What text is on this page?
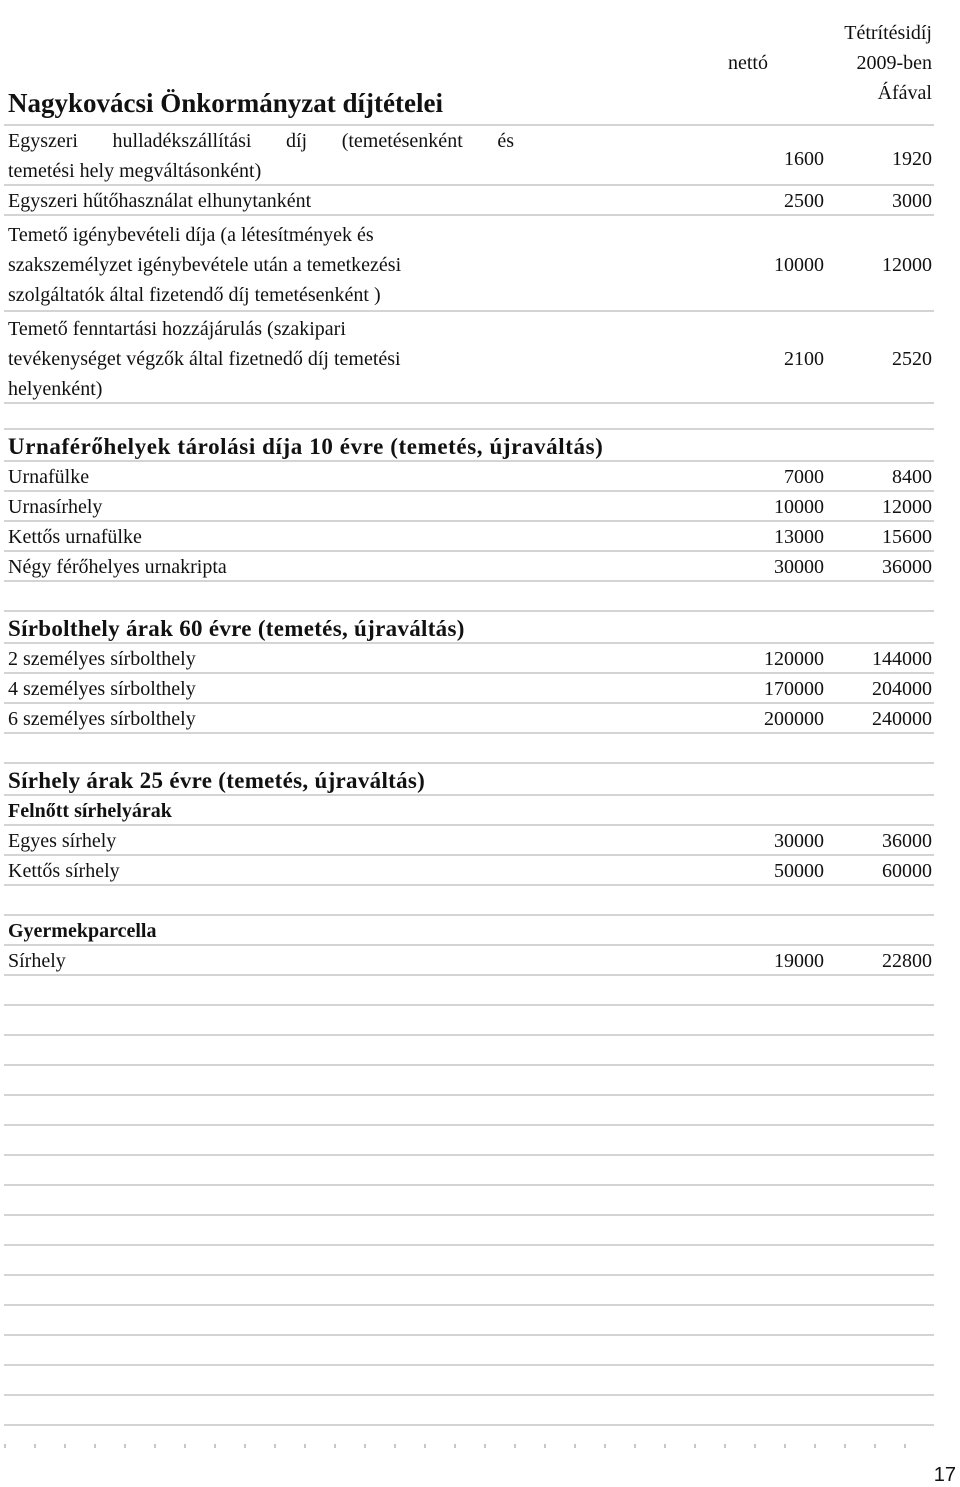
Nagykovácsi Önkormányzat díjtételei
nettó
Tétrítésidíj
2009-ben
Áfával
Egyszeri hulladékszállítási díj (temetésenként és
temetési hely megváltásonként)
1600	1920
Egyszeri hűtőhasználat elhunytanként	2500	3000
Temető igénybevételi díja (a létesítmények és
szakszemélyzet igénybevétele után a temetkezési
szolgáltatók által fizetendő díj temetésenként )
10000	12000
Temető fenntartási hozzájárulás (szakipari
tevékenységet végzők által fizetnedő díj temetési
helyenként)
2100	2520
Urnaférőhelyek tárolási díja 10 évre (temetés, újraváltás)
Urnafülke	7000	8400
Urnasírhely	10000	12000
Kettős urnafülke	13000	15600
Négy férőhelyes urnakripta	30000	36000
Sírbolthely árak 60 évre (temetés, újraváltás)
2 személyes sírbolthely	120000	144000
4 személyes sírbolthely	170000	204000
6 személyes sírbolthely	200000	240000
Sírhely árak 25 évre (temetés, újraváltás)
Felnőtt sírhelyárak
Egyes sírhely	30000	36000
Kettős sírhely	50000	60000
Gyermekparcella
Sírhely	19000	22800
17
